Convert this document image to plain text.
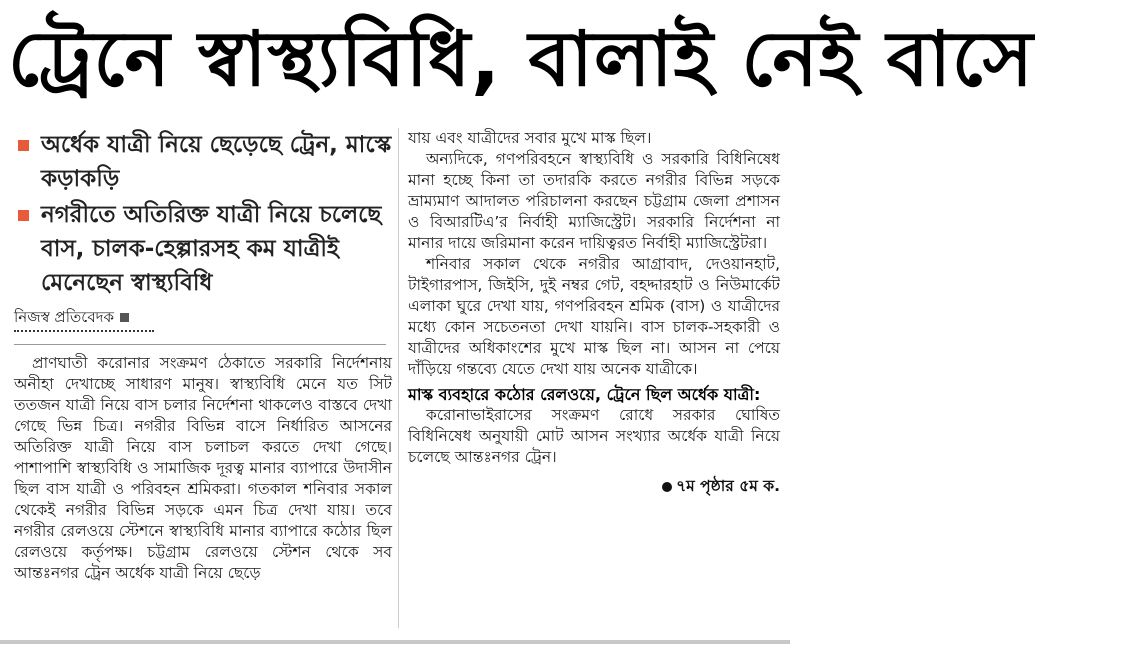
ট্রেনে স্বাস্থ্যবিধি, বালাই নেই বাসে
অর্ধেক যাত্রী নিয়ে ছেড়েছে ট্রেন, মাস্কে কড়াকড়ি
নগরীতে অতিরিক্ত যাত্রী নিয়ে চলেছে বাস, চালক-হেল্পারসহ কম যাত্রীই মেনেছেন স্বাস্থ্যবিধি
নিজস্ব প্রতিবেদক

প্রাণঘাতী করোনার সংক্রমণ ঠেকাতে সরকারি নির্দেশনায় অনীহা দেখাচ্ছে সাধারণ মানুষ। স্বাস্থ্যবিধি মেনে যত সিট ততজন যাত্রী নিয়ে বাস চলার নির্দেশনা থাকলেও বাস্তবে দেখা গেছে ভিন্ন চিত্র। নগরীর বিভিন্ন বাসে নির্ধারিত আসনের অতিরিক্ত যাত্রী নিয়ে বাস চলাচল করতে দেখা গেছে। পাশাপাশি স্বাস্থ্যবিধি ও সামাজিক দূরত্ব মানার ব্যাপারে উদাসীন ছিল বাস যাত্রী ও পরিবহন শ্রমিকরা। গতকাল শনিবার সকাল থেকেই নগরীর বিভিন্ন সড়কে এমন চিত্র দেখা যায়। তবে নগরীর রেলওয়ে স্টেশনে স্বাস্থ্যবিধি মানার ব্যাপারে কঠোর ছিল রেলওয়ে কর্তৃপক্ষ। চট্টগ্রাম রেলওয়ে স্টেশন থেকে সব আন্তঃনগর ট্রেন অর্ধেক যাত্রী নিয়ে ছেড়ে

যায় এবং যাত্রীদের সবার মুখে মাস্ক ছিল।

অন্যদিকে, গণপরিবহনে স্বাস্থ্যবিধি ও সরকারি বিধিনিষেধ মানা হচ্ছে কিনা তা তদারকি করতে নগরীর বিভিন্ন সড়কে ভ্রাম্যমাণ আদালত পরিচালনা করছেন চট্টগ্রাম জেলা প্রশাসন ও বিআরটিএ’র নির্বাহী ম্যাজিস্ট্রেট। সরকারি নির্দেশনা না মানার দায়ে জরিমানা করেন দায়িত্বরত নির্বাহী ম্যাজিস্ট্রেটরা।

শনিবার সকাল থেকে নগরীর আগ্রাবাদ, দেওয়ানহাট, টাইগারপাস, জিইসি, দুই নম্বর গেট, বহদ্দারহাট ও নিউমার্কেট এলাকা ঘুরে দেখা যায়, গণপরিবহন শ্রমিক (বাস) ও যাত্রীদের মধ্যে কোন সচেতনতা দেখা যায়নি। বাস চালক-সহকারী ও যাত্রীদের অধিকাংশের মুখে মাস্ক ছিল না। আসন না পেয়ে দাঁড়িয়ে গন্তব্যে যেতে দেখা যায় অনেক যাত্রীকে।

মাস্ক ব্যবহারে কঠোর রেলওয়ে, ট্রেনে ছিল অর্ধেক যাত্রী:

করোনাভাইরাসের সংক্রমণ রোধে সরকার ঘোষিত বিধিনিষেধ অনুযায়ী মোট আসন সংখ্যার অর্ধেক যাত্রী নিয়ে চলেছে আন্তঃনগর ট্রেন।

৭ম পৃষ্ঠার ৫ম ক.
